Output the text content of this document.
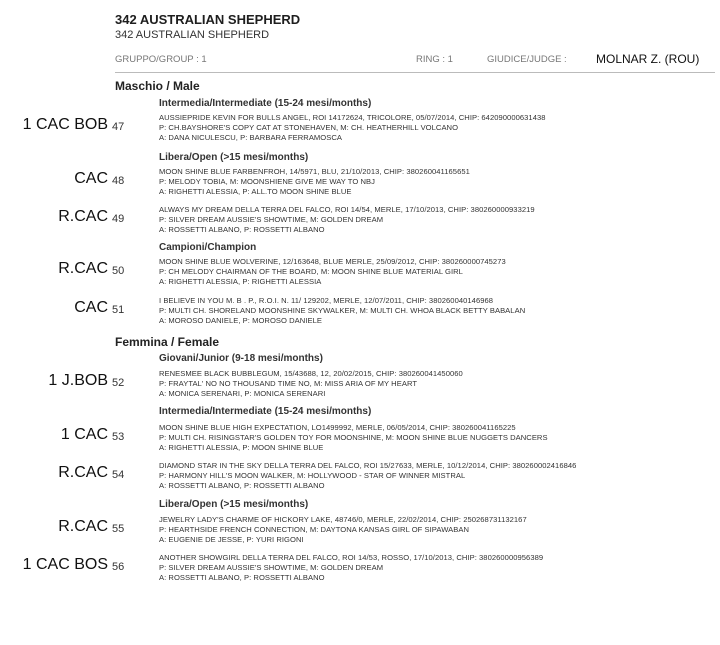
342 AUSTRALIAN SHEPHERD
342 AUSTRALIAN SHEPHERD
GRUPPO/GROUP : 1	RING : 1	GIUDICE/JUDGE : MOLNAR Z. (ROU)
Maschio / Male
Intermedia/Intermediate (15-24 mesi/months)
1 CAC BOB 47
AUSSIEPRIDE KEVIN FOR BULLS ANGEL, ROI 14172624, TRICOLORE, 05/07/2014, CHIP: 642090000631438
P: CH.BAYSHORE'S COPY CAT AT STONEHAVEN, M: CH. HEATHERHILL VOLCANO
A: DANA NICULESCU, P: BARBARA FERRAMOSCA
Libera/Open (>15 mesi/months)
CAC 48
MOON SHINE BLUE FARBENFROH, 14/5971, BLU, 21/10/2013, CHIP: 380260041165651
P: MELODY TOBIA, M: MOONSHIENE GIVE ME WAY TO NBJ
A: RIGHETTI ALESSIA, P: ALL.TO MOON SHINE BLUE
R.CAC 49
ALWAYS MY DREAM DELLA TERRA DEL FALCO, ROI 14/54, MERLE, 17/10/2013, CHIP: 380260000933219
P: SILVER DREAM AUSSIE'S SHOWTIME, M: GOLDEN DREAM
A: ROSSETTI ALBANO, P: ROSSETTI ALBANO
Campioni/Champion
R.CAC 50
MOON SHINE BLUE WOLVERINE, 12/163648, BLUE MERLE, 25/09/2012, CHIP: 380260000745273
P: CH MELODY CHAIRMAN OF THE BOARD, M: MOON SHINE BLUE MATERIAL GIRL
A: RIGHETTI ALESSIA, P: RIGHETTI ALESSIA
CAC 51
I BELIEVE IN YOU M. B . P., R.O.I. N. 11/ 129202, MERLE, 12/07/2011, CHIP: 380260040146968
P: MULTI CH. SHORELAND MOONSHINE SKYWALKER, M: MULTI CH. WHOA BLACK BETTY BABALAN
A: MOROSO DANIELE, P: MOROSO DANIELE
Femmina / Female
Giovani/Junior (9-18 mesi/months)
1 J.BOB 52
RENESMEE BLACK BUBBLEGUM, 15/43688, 12, 20/02/2015, CHIP: 380260041450060
P: FRAYTAL' NO NO THOUSAND TIME NO, M: MISS ARIA OF MY HEART
A: MONICA SERENARI, P: MONICA SERENARI
Intermedia/Intermediate (15-24 mesi/months)
1 CAC 53
MOON SHINE BLUE HIGH EXPECTATION, LO1499992, MERLE, 06/05/2014, CHIP: 380260041165225
P: MULTI CH. RISINGSTAR'S GOLDEN TOY FOR MOONSHINE, M: MOON SHINE BLUE NUGGETS DANCERS
A: RIGHETTI ALESSIA, P: MOON SHINE BLUE
R.CAC 54
DIAMOND STAR IN THE SKY DELLA TERRA DEL FALCO, ROI 15/27633, MERLE, 10/12/2014, CHIP: 380260002416846
P: HARMONY HILL'S MOON WALKER, M: HOLLYWOOD - STAR OF WINNER MISTRAL
A: ROSSETTI ALBANO, P: ROSSETTI ALBANO
Libera/Open (>15 mesi/months)
R.CAC 55
JEWELRY LADY'S CHARME OF HICKORY LAKE, 48746/0, MERLE, 22/02/2014, CHIP: 250268731132167
P: HEARTHSIDE FRENCH CONNECTION, M: DAYTONA KANSAS GIRL OF SIPAWABAN
A: EUGENIE DE JESSE, P: YURI RIGONI
1 CAC BOS 56
ANOTHER SHOWGIRL DELLA TERRA DEL FALCO, ROI 14/53, ROSSO, 17/10/2013, CHIP: 380260000956389
P: SILVER DREAM AUSSIE'S SHOWTIME, M: GOLDEN DREAM
A: ROSSETTI ALBANO, P: ROSSETTI ALBANO
